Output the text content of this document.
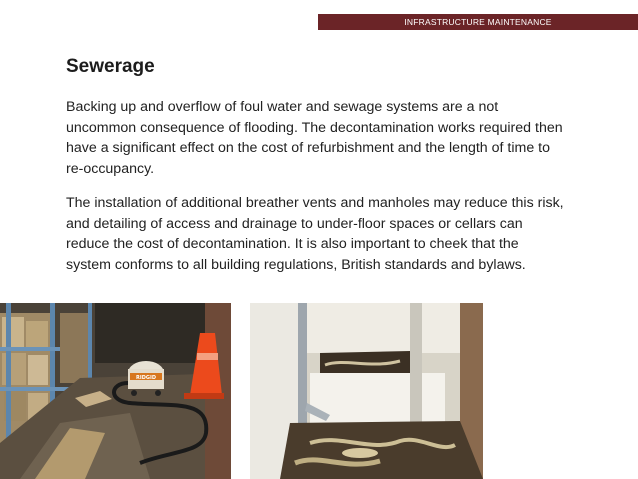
INFRASTRUCTURE MAINTENANCE
Sewerage

Backing up and overflow of foul water and sewage systems are a not uncommon consequence of flooding. The decontamination works required then have a significant effect on the cost of refurbishment and the length of time to re-occupancy.

The installation of additional breather vents and manholes may reduce this risk, and detailing of access and drainage to under-floor spaces or cellars can reduce the cost of decontamination. It is also important to cheek that the system conforms to all building regulations, British standards and bylaws.

RIDGID
